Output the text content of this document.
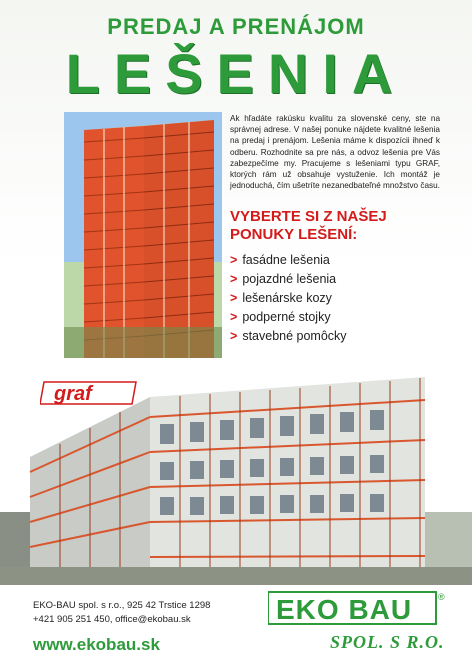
PREDAJ A PRENÁJOM
LEŠENIA
Ak hľadáte rakúsku kvalitu za slovenské ceny, ste na správnej adrese. V našej ponuke nájdete kvalitné lešenia na predaj i prenájom. Lešenia máme k dispozícii ihneď k odberu. Rozhodnite sa pre nás, a odvoz lešenia pre Vás zabezpečíme my. Pracujeme s lešeniami typu GRAF, ktorých rám už obsahuje vystuženie. Ich montáž je jednoduchá, čím ušetríte nezanedbateľné množstvo času.
VYBERTE SI Z NAŠEJ PONUKY LEŠENÍ:
> fasádne lešenia
> pojazdné lešenia
> lešenárske kozy
> podperné stojky
> stavebné pomôcky
graf
EKO-BAU spol. s r.o., 925 42 Trstice 1298
+421 905 251 450, office@ekobau.sk
www.ekobau.sk
EKO BAU	®
SPOL. S R.O.
